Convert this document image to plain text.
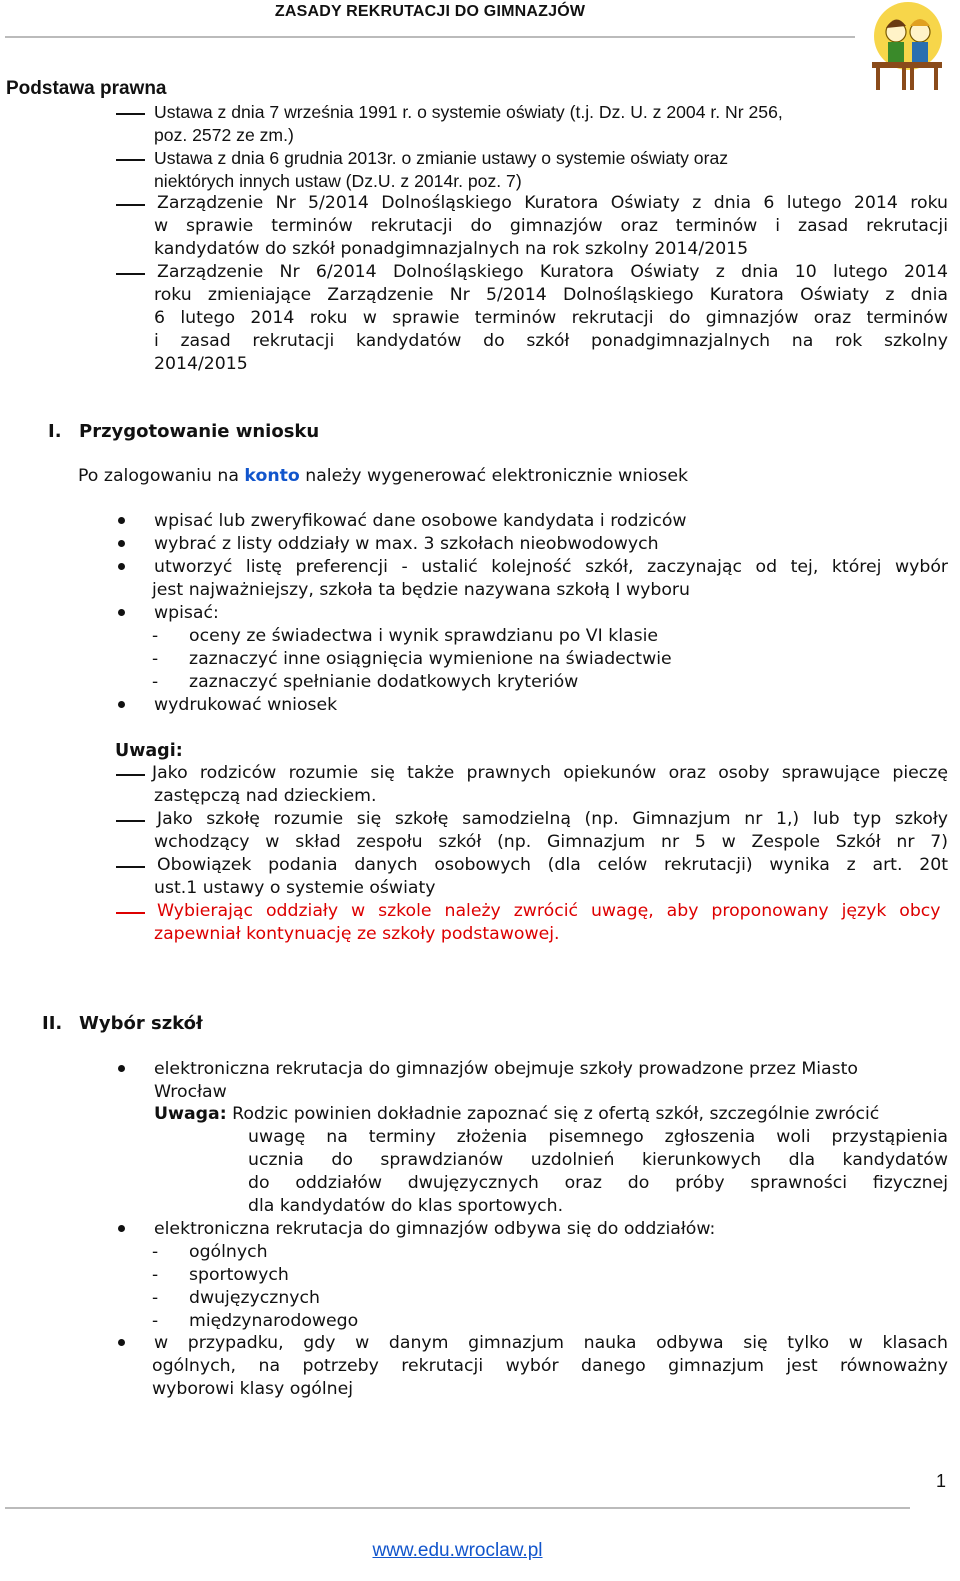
ZASADY REKRUTACJI DO GIMNAZJÓW
Podstawa prawna
Ustawa z dnia 7 września 1991 r. o systemie oświaty (t.j. Dz. U. z 2004 r. Nr 256,
poz. 2572 ze zm.)
Ustawa z dnia 6 grudnia 2013r. o zmianie ustawy o systemie oświaty oraz
niektórych innych ustaw (Dz.U. z 2014r. poz. 7)
Zarządzenie Nr 5/2014 Dolnośląskiego Kuratora Oświaty z dnia 6 lutego 2014 roku
w sprawie terminów rekrutacji do gimnazjów oraz terminów i zasad rekrutacji
kandydatów do szkół ponadgimnazjalnych na rok szkolny 2014/2015
Zarządzenie Nr 6/2014 Dolnośląskiego Kuratora Oświaty z dnia 10 lutego 2014
roku zmieniające Zarządzenie Nr 5/2014 Dolnośląskiego Kuratora Oświaty z dnia
6 lutego 2014 roku w sprawie terminów rekrutacji do gimnazjów oraz terminów
i zasad rekrutacji kandydatów do szkół ponadgimnazjalnych na rok szkolny
2014/2015
I. Przygotowanie wniosku
Po zalogowaniu na konto należy wygenerować elektronicznie wniosek
wpisać lub zweryfikować dane osobowe kandydata i rodziców
wybrać z listy oddziały w max. 3 szkołach nieobwodowych
utworzyć listę preferencji - ustalić kolejność szkół, zaczynając od tej, której wybór
jest najważniejszy, szkoła ta będzie nazywana szkołą I wyboru
wpisać:
- oceny ze świadectwa i wynik sprawdzianu po VI klasie
- zaznaczyć inne osiągnięcia wymienione na świadectwie
- zaznaczyć spełnianie dodatkowych kryteriów
wydrukować wniosek
Uwagi:
Jako rodziców rozumie się także prawnych opiekunów oraz osoby sprawujące pieczę
zastępczą nad dzieckiem.
Jako szkołę rozumie się szkołę samodzielną (np. Gimnazjum nr 1,) lub typ szkoły
wchodzący w skład zespołu szkół (np. Gimnazjum nr 5 w Zespole Szkół nr 7)
Obowiązek podania danych osobowych (dla celów rekrutacji) wynika z art. 20t
ust.1 ustawy o systemie oświaty
Wybierając oddziały w szkole należy zwrócić uwagę, aby proponowany język obcy
zapewniał kontynuację ze szkoły podstawowej.
II. Wybór szkół
elektroniczna rekrutacja do gimnazjów obejmuje szkoły prowadzone przez Miasto
Wrocław
Uwaga: Rodzic powinien dokładnie zapoznać się z ofertą szkół, szczególnie zwrócić
uwagę na terminy złożenia pisemnego zgłoszenia woli przystąpienia
ucznia do sprawdzianów uzdolnień kierunkowych dla kandydatów
do oddziałów dwujęzycznych oraz do próby sprawności fizycznej
dla kandydatów do klas sportowych.
elektroniczna rekrutacja do gimnazjów odbywa się do oddziałów:
- ogólnych
- sportowych
- dwujęzycznych
- międzynarodowego
w przypadku, gdy w danym gimnazjum nauka odbywa się tylko w klasach
ogólnych, na potrzeby rekrutacji wybór danego gimnazjum jest równoważny
wyborowi klasy ogólnej
1
www.edu.wroclaw.pl
